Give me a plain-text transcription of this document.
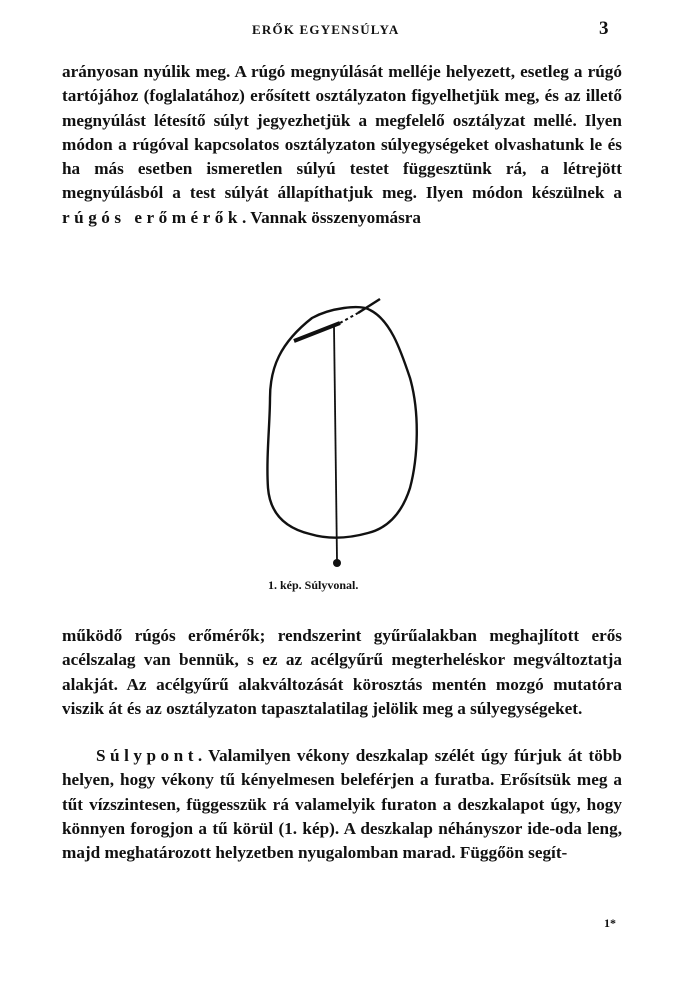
ERŐK EGYENSÚLYA	3

arányosan nyúlik meg. A rúgó megnyúlását melléje helyezett, esetleg a rúgó tartójához (foglalatához) erősített osztályzaton figyelhetjük meg, és az illető megnyúlást létesítő súlyt jegyezhetjük a megfelelő osztályzat mellé. Ilyen módon a rúgóval kapcsolatos osztályzaton súlyegységeket olvashatunk le és ha más esetben ismeretlen súlyú testet függesztünk rá, a létrejött megnyúlásból a test súlyát állapíthatjuk meg. Ilyen módon készülnek a rúgós erőmérők. Vannak összenyomásra

1. kép. Súlyvonal.

működő rúgós erőmérők; rendszerint gyűrűalakban meghajlított erős acélszalag van bennük, s ez az acélgyűrű megterheléskor megváltoztatja alakját. Az acélgyűrű alakváltozását körosztás mentén mozgó mutatóra viszik át és az osztályzaton tapasztalatilag jelölik meg a súlyegységeket.

Súlypont. Valamilyen vékony deszkalap szélét úgy fúrjuk át több helyen, hogy vékony tű kényelmesen beleférjen a furatba. Erősítsük meg a tűt vízszintesen, függesszük rá valamelyik furaton a deszkalapot úgy, hogy könnyen forogjon a tű körül (1. kép). A deszkalap néhányszor ide-oda leng, majd meghatározott helyzetben nyugalomban marad. Függőön segít-

1*
